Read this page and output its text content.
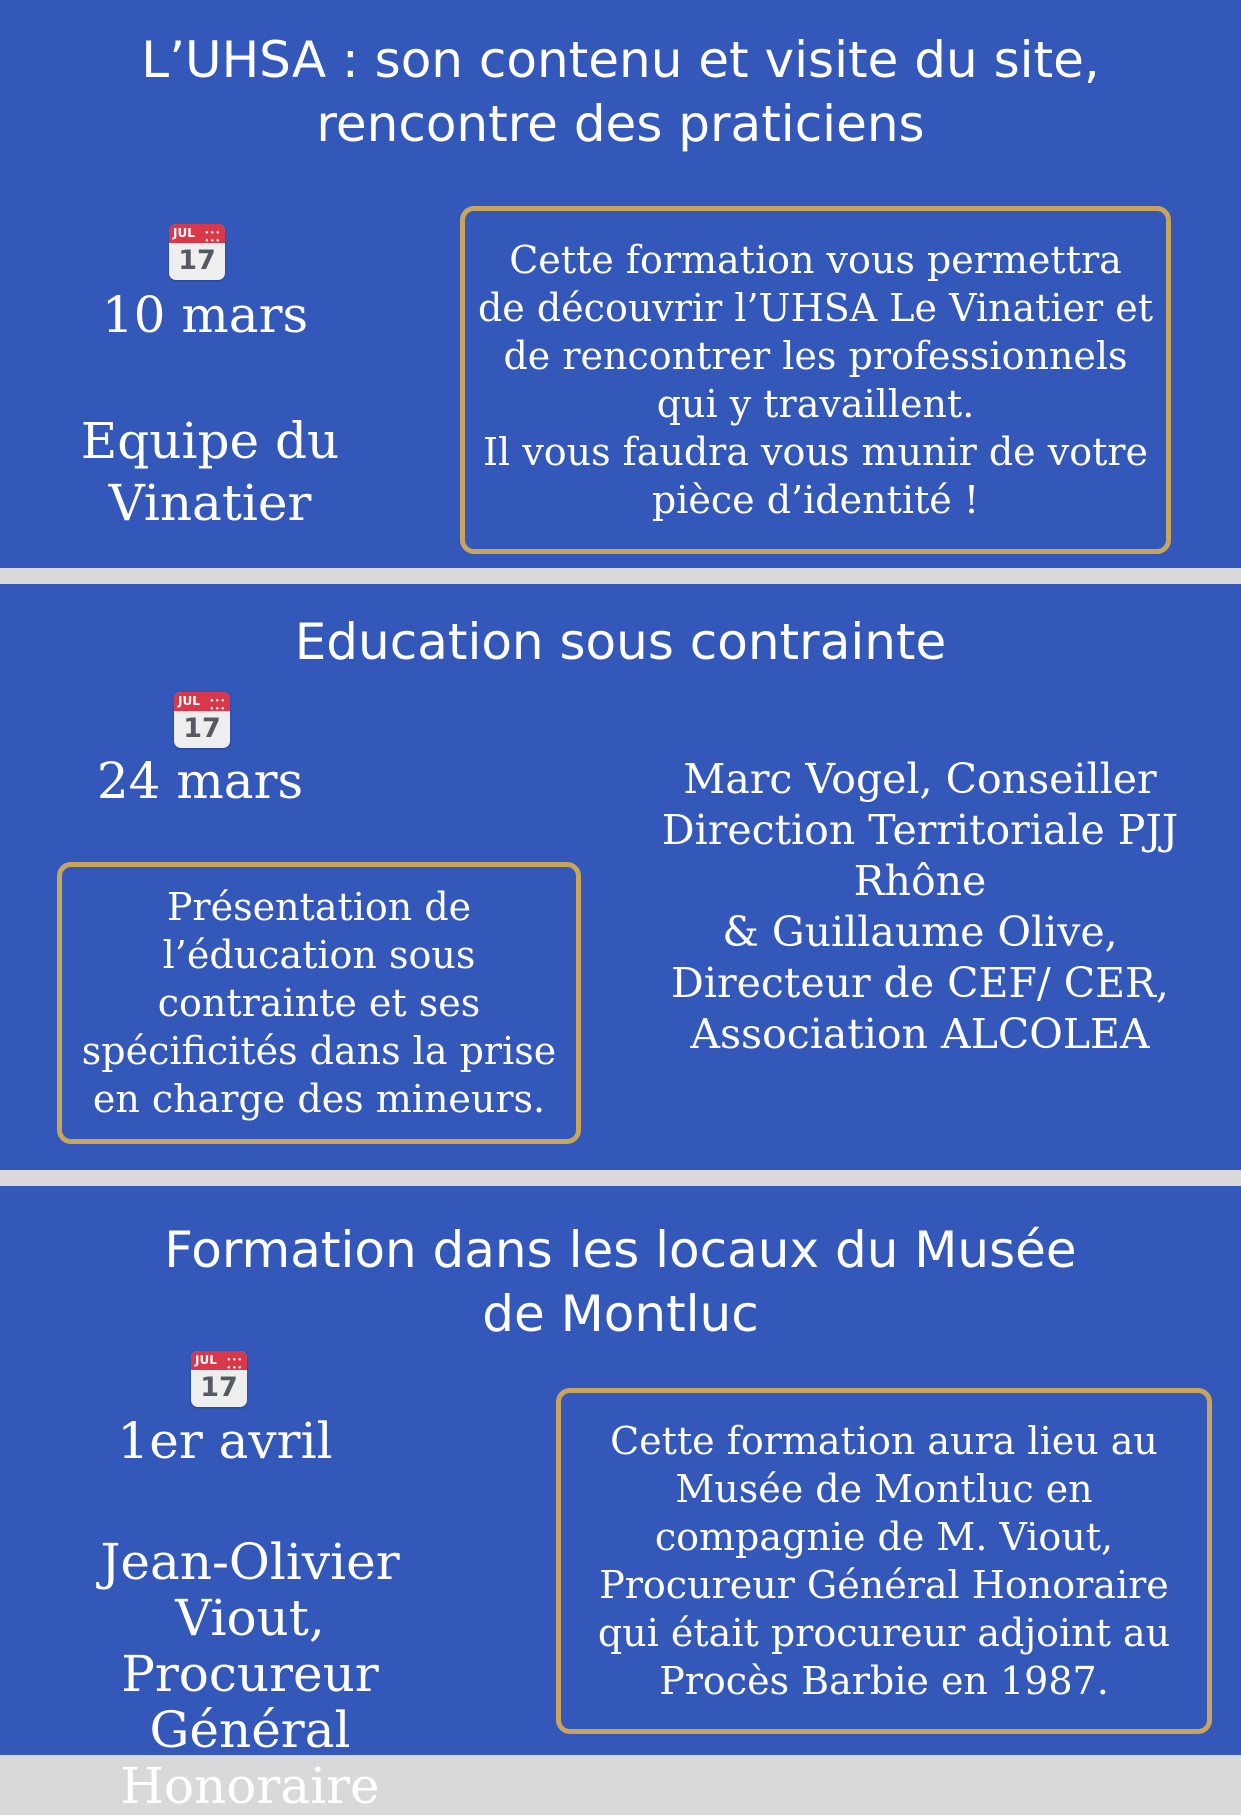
L’UHSA : son contenu et visite du site,
rencontre des praticiens
JUL •••
•••
17
10 mars
Equipe du
Vinatier
Cette formation vous permettra
de découvrir l’UHSA Le Vinatier et
de rencontrer les professionnels
qui y travaillent.
Il vous faudra vous munir de votre
pièce d’identité !
Education sous contrainte
JUL •••
•••
17
24 mars
Présentation de
l’éducation sous
contrainte et ses
spécificités dans la prise
en charge des mineurs.
Marc Vogel, Conseiller
Direction Territoriale PJJ
Rhône
& Guillaume Olive,
Directeur de CEF/ CER,
Association ALCOLEA
Formation dans les locaux du Musée
de Montluc
JUL •••
•••
17
1er avril
Jean-Olivier Viout,
Procureur Général
Honoraire
Cette formation aura lieu au
Musée de Montluc en
compagnie de M. Viout,
Procureur Général Honoraire
qui était procureur adjoint au
Procès Barbie en 1987.
